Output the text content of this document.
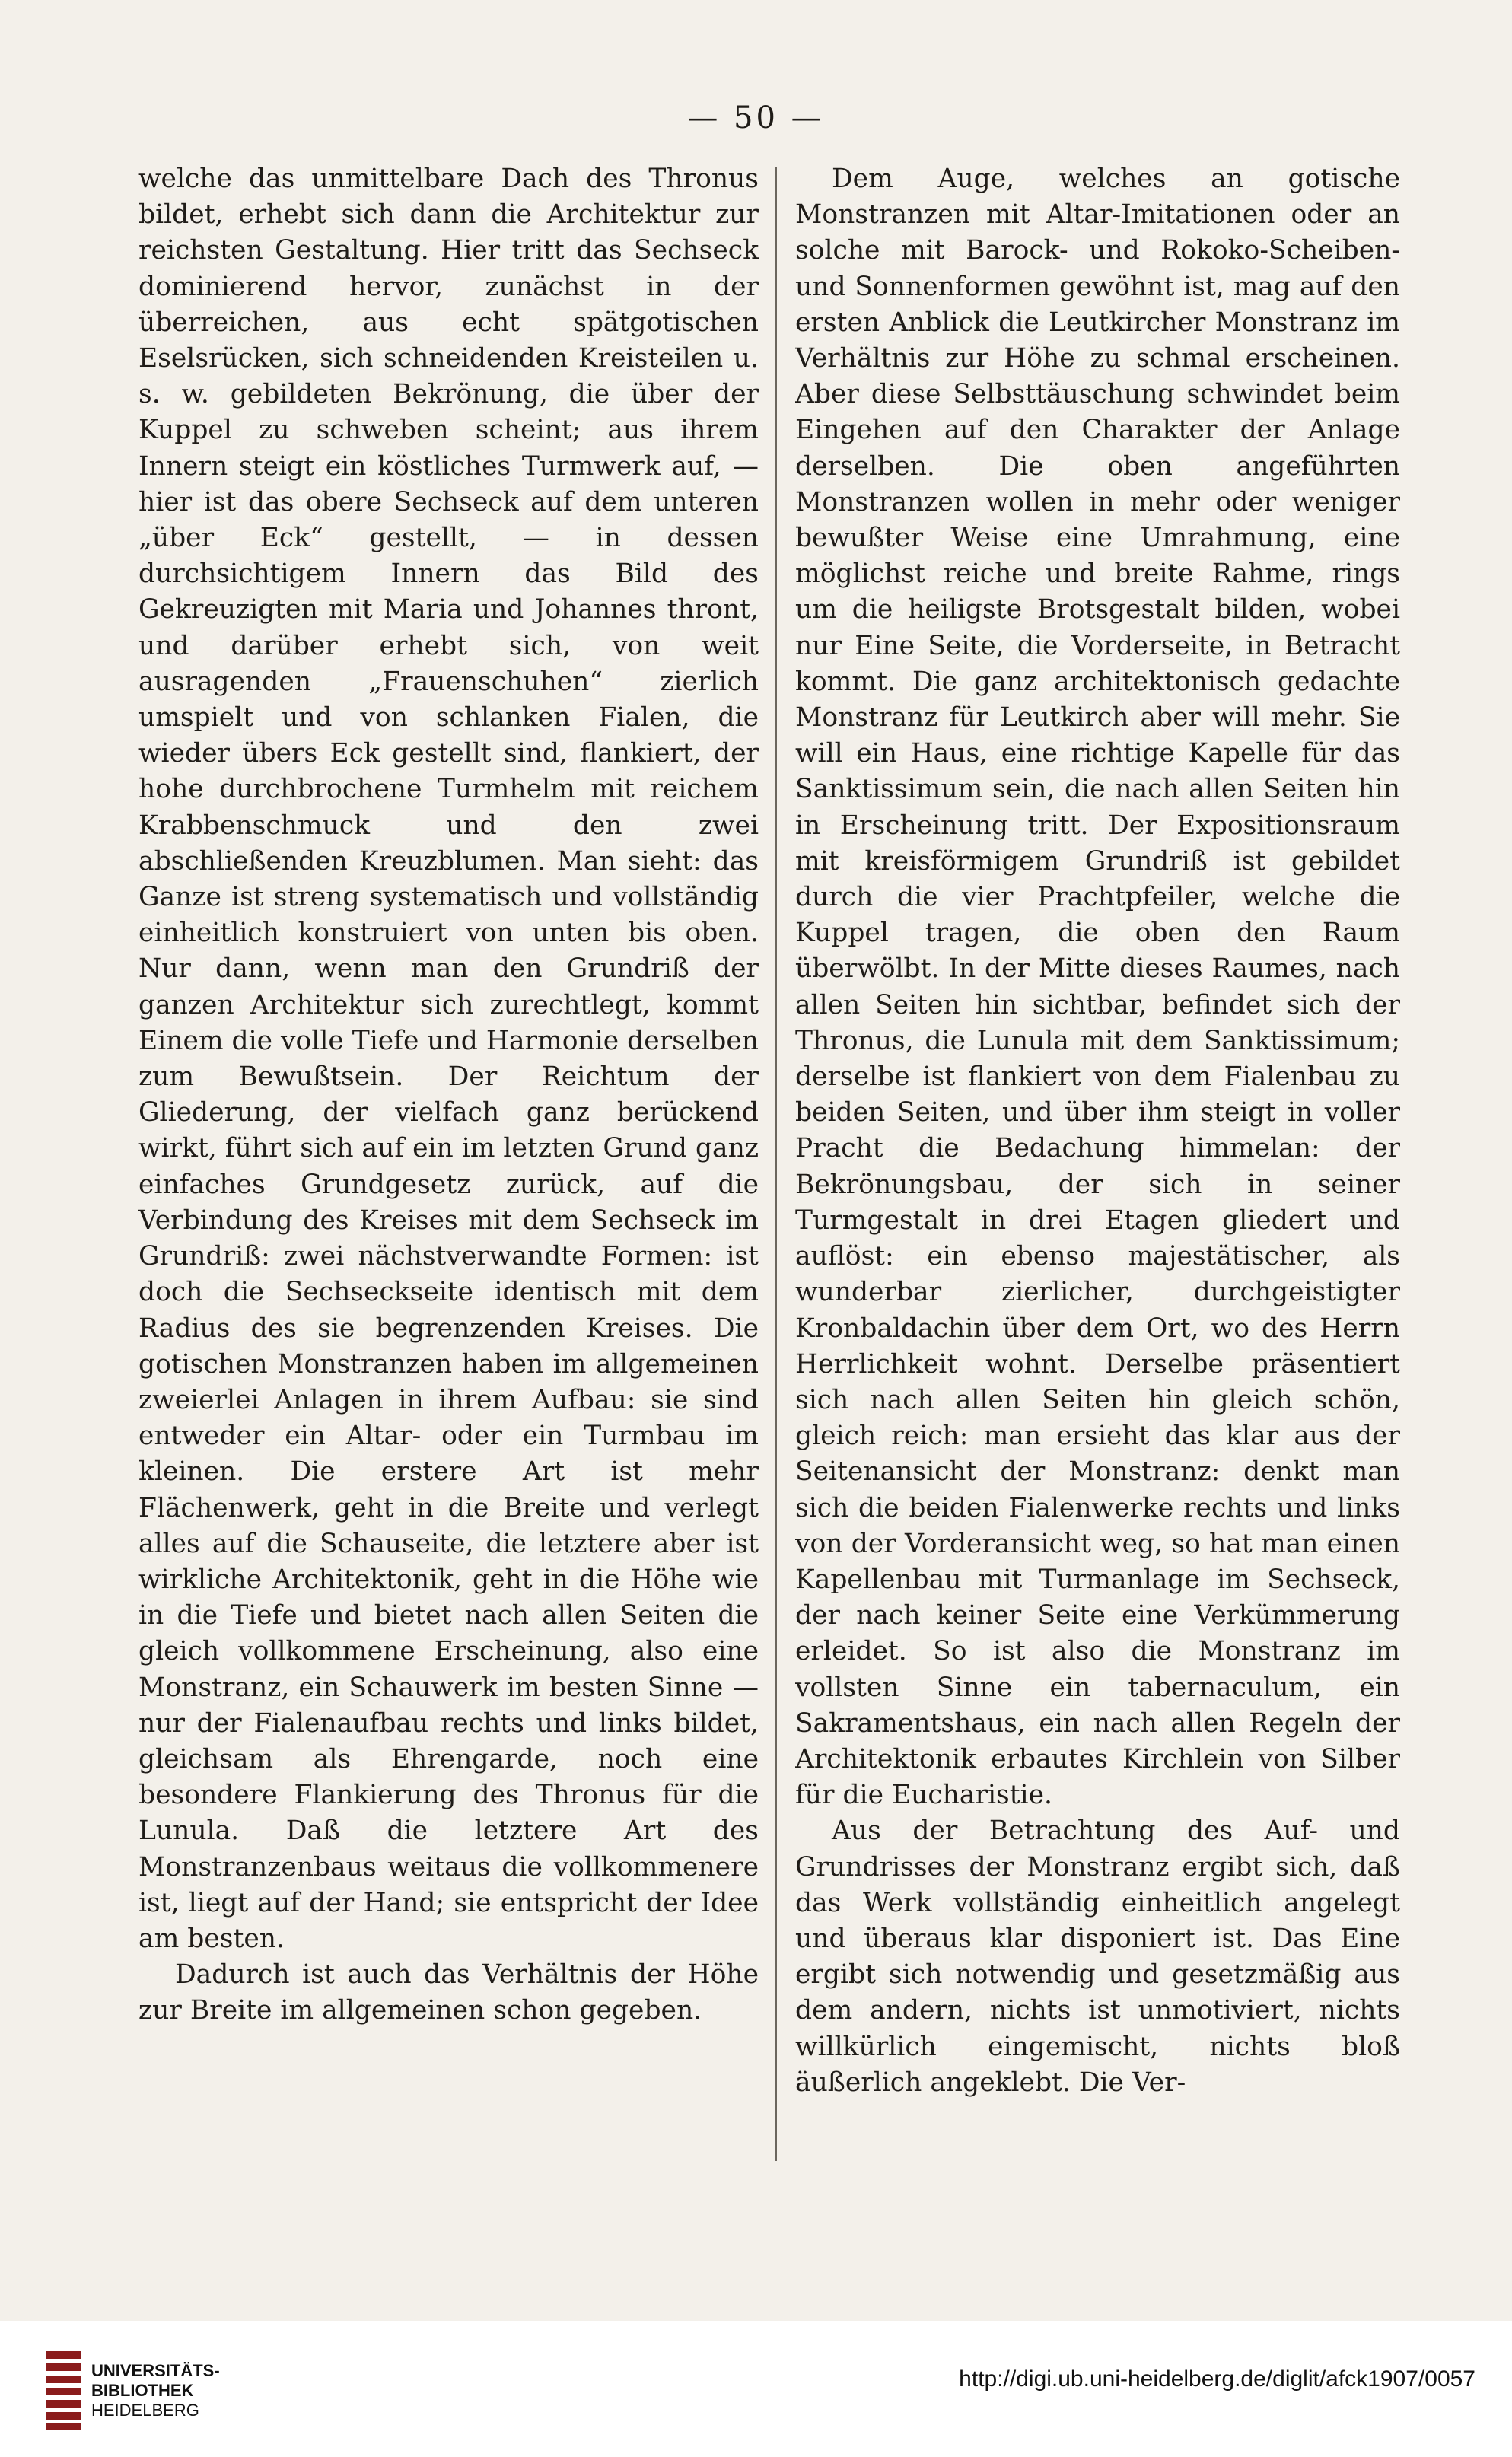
— 50 —

welche das unmittelbare Dach des Thronus bildet, erhebt sich dann die Architektur zur reichsten Gestaltung. Hier tritt das Sechseck dominierend hervor, zunächst in der überreichen, aus echt spätgotischen Eselsrücken, sich schneidenden Kreisteilen u. s. w. gebildeten Bekrönung, die über der Kuppel zu schweben scheint; aus ihrem Innern steigt ein köstliches Turmwerk auf, — hier ist das obere Sechseck auf dem unteren „über Eck“ gestellt, — in dessen durchsichtigem Innern das Bild des Gekreuzigten mit Maria und Johannes thront, und darüber erhebt sich, von weit ausragenden „Frauenschuhen“ zierlich umspielt und von schlanken Fialen, die wieder übers Eck gestellt sind, flankiert, der hohe durchbrochene Turmhelm mit reichem Krabbenschmuck und den zwei abschließenden Kreuzblumen. Man sieht: das Ganze ist streng systematisch und vollständig einheitlich konstruiert von unten bis oben. Nur dann, wenn man den Grundriß der ganzen Architektur sich zurechtlegt, kommt Einem die volle Tiefe und Harmonie derselben zum Bewußtsein. Der Reichtum der Gliederung, der vielfach ganz berückend wirkt, führt sich auf ein im letzten Grund ganz einfaches Grundgesetz zurück, auf die Verbindung des Kreises mit dem Sechseck im Grundriß: zwei nächstverwandte Formen: ist doch die Sechseckseite identisch mit dem Radius des sie begrenzenden Kreises. Die gotischen Monstranzen haben im allgemeinen zweierlei Anlagen in ihrem Aufbau: sie sind entweder ein Altar- oder ein Turmbau im kleinen. Die erstere Art ist mehr Flächenwerk, geht in die Breite und verlegt alles auf die Schauseite, die letztere aber ist wirkliche Architektonik, geht in die Höhe wie in die Tiefe und bietet nach allen Seiten die gleich vollkommene Erscheinung, also eine Monstranz, ein Schauwerk im besten Sinne — nur der Fialenaufbau rechts und links bildet, gleichsam als Ehrengarde, noch eine besondere Flankierung des Thronus für die Lunula. Daß die letztere Art des Monstranzenbaus weitaus die vollkommenere ist, liegt auf der Hand; sie entspricht der Idee am besten.

Dadurch ist auch das Verhältnis der Höhe zur Breite im allgemeinen schon gegeben.

Dem Auge, welches an gotische Monstranzen mit Altar-Imitationen oder an solche mit Barock- und Rokoko-Scheiben- und Sonnenformen gewöhnt ist, mag auf den ersten Anblick die Leutkircher Monstranz im Verhältnis zur Höhe zu schmal erscheinen. Aber diese Selbsttäuschung schwindet beim Eingehen auf den Charakter der Anlage derselben. Die oben angeführten Monstranzen wollen in mehr oder weniger bewußter Weise eine Umrahmung, eine möglichst reiche und breite Rahme, rings um die heiligste Brotsgestalt bilden, wobei nur Eine Seite, die Vorderseite, in Betracht kommt. Die ganz architektonisch gedachte Monstranz für Leutkirch aber will mehr. Sie will ein Haus, eine richtige Kapelle für das Sanktissimum sein, die nach allen Seiten hin in Erscheinung tritt. Der Expositionsraum mit kreisförmigem Grundriß ist gebildet durch die vier Prachtpfeiler, welche die Kuppel tragen, die oben den Raum überwölbt. In der Mitte dieses Raumes, nach allen Seiten hin sichtbar, befindet sich der Thronus, die Lunula mit dem Sanktissimum; derselbe ist flankiert von dem Fialenbau zu beiden Seiten, und über ihm steigt in voller Pracht die Bedachung himmelan: der Bekrönungsbau, der sich in seiner Turmgestalt in drei Etagen gliedert und auflöst: ein ebenso majestätischer, als wunderbar zierlicher, durchgeistigter Kronbaldachin über dem Ort, wo des Herrn Herrlichkeit wohnt. Derselbe präsentiert sich nach allen Seiten hin gleich schön, gleich reich: man ersieht das klar aus der Seitenansicht der Monstranz: denkt man sich die beiden Fialenwerke rechts und links von der Vorderansicht weg, so hat man einen Kapellenbau mit Turmanlage im Sechseck, der nach keiner Seite eine Verkümmerung erleidet. So ist also die Monstranz im vollsten Sinne ein tabernaculum, ein Sakramentshaus, ein nach allen Regeln der Architektonik erbautes Kirchlein von Silber für die Eucharistie.

Aus der Betrachtung des Auf- und Grundrisses der Monstranz ergibt sich, daß das Werk vollständig einheitlich angelegt und überaus klar disponiert ist. Das Eine ergibt sich notwendig und gesetzmäßig aus dem andern, nichts ist unmotiviert, nichts willkürlich eingemischt, nichts bloß äußerlich angeklebt. Die Ver-

UNIVERSITÄTS-
BIBLIOTHEK
HEIDELBERG
http://digi.ub.uni-heidelberg.de/diglit/afck1907/0057
